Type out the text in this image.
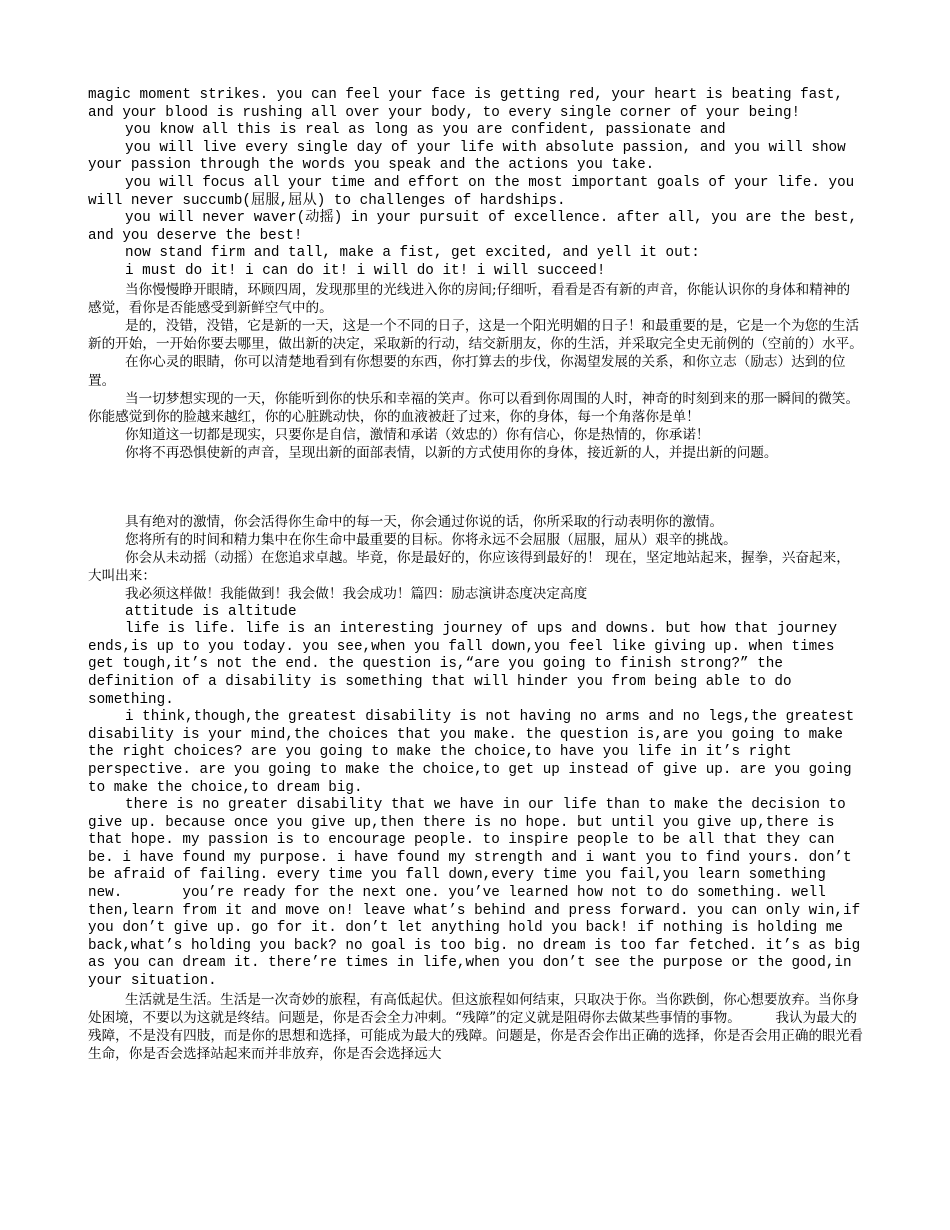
magic moment strikes. you can feel your face is getting red, your heart is beating fast, and your blood is rushing all over your body, to every single corner of your being!

you know all this is real as long as you are confident, passionate and

you will live every single day of your life with absolute passion, and you will show your passion through the words you speak and the actions you take.

you will focus all your time and effort on the most important goals of your life. you will never succumb(屈服,屈从) to challenges of hardships.

you will never waver(动摇) in your pursuit of excellence. after all, you are the best, and you deserve the best!

now stand firm and tall, make a fist, get excited, and yell it out:

i must do it! i can do it! i will do it! i will succeed!

当你慢慢睁开眼睛，环顾四周，发现那里的光线进入你的房间;仔细听，看看是否有新的声音，你能认识你的身体和精神的感觉，看你是否能感受到新鲜空气中的。

是的，没错，没错，它是新的一天，这是一个不同的日子，这是一个阳光明媚的日子！和最重要的是，它是一个为您的生活新的开始，一开始你要去哪里，做出新的决定，采取新的行动，结交新朋友，你的生活，并采取完全史无前例的（空前的）水平。

在你心灵的眼睛，你可以清楚地看到有你想要的东西，你打算去的步伐，你渴望发展的关系，和你立志（励志）达到的位置。

当一切梦想实现的一天，你能听到你的快乐和幸福的笑声。你可以看到你周围的人时，神奇的时刻到来的那一瞬间的微笑。你能感觉到你的脸越来越红，你的心脏跳动快，你的血液被赶了过来，你的身体，每一个角落你是单！

你知道这一切都是现实，只要你是自信，激情和承诺（效忠的）你有信心，你是热情的，你承诺！

你将不再恐惧使新的声音，呈现出新的面部表情，以新的方式使用你的身体，接近新的人，并提出新的问题。

具有绝对的激情，你会活得你生命中的每一天，你会通过你说的话，你所采取的行动表明你的激情。

您将所有的时间和精力集中在你生命中最重要的目标。你将永远不会屈服（屈服，屈从）艰辛的挑战。

你会从未动摇（动摇）在您追求卓越。毕竟，你是最好的，你应该得到最好的！ 现在，坚定地站起来，握拳，兴奋起来，大叫出来：

我必须这样做！我能做到！我会做！我会成功！篇四：励志演讲态度决定高度

attitude is altitude

life is life. life is an interesting journey of ups and downs. but how that journey ends,is up to you today. you see,when you fall down,you feel like giving up. when times get tough,it’s not the end. the question is,“are you going to finish strong?” the definition of a disability is something that will hinder you from being able to do something.

i think,though,the greatest disability is not having no arms and no legs,the greatest disability is your mind,the choices that you make. the question is,are you going to make the right choices? are you going to make the choice,to have you life in it’s right perspective. are you going to make the choice,to get up instead of give up. are you going to make the choice,to dream big.

there is no greater disability that we have in our life than to make the decision to give up. because once you give up,then there is no hope. but until you give up,there is that hope. my passion is to encourage people. to inspire people to be all that they can be. i have found my purpose. i have found my strength and i want you to find yours. don’t be afraid of failing. every time you fall down,every time you fail,you learn something new.       you’re ready for the next one. you’ve learned how not to do something. well then,learn from it and move on! leave what’s behind and press forward. you can only win,if you don’t give up. go for it. don’t let anything hold you back! if nothing is holding me back,what’s holding you back? no goal is too big. no dream is too far fetched. it’s as big as you can dream it. there’re times in life,when you don’t see the purpose or the good,in your situation.

生活就是生活。生活是一次奇妙的旅程，有高低起伏。但这旅程如何结束，只取决于你。当你跌倒，你心想要放弃。当你身处困境，不要以为这就是终结。问题是，你是否会全力冲刺。“残障”的定义就是阻碍你去做某些事情的事物。        我认为最大的残障，不是没有四肢，而是你的思想和选择，可能成为最大的残障。问题是，你是否会作出正确的选择，你是否会用正确的眼光看生命，你是否会选择站起来而并非放弃，你是否会选择远大
